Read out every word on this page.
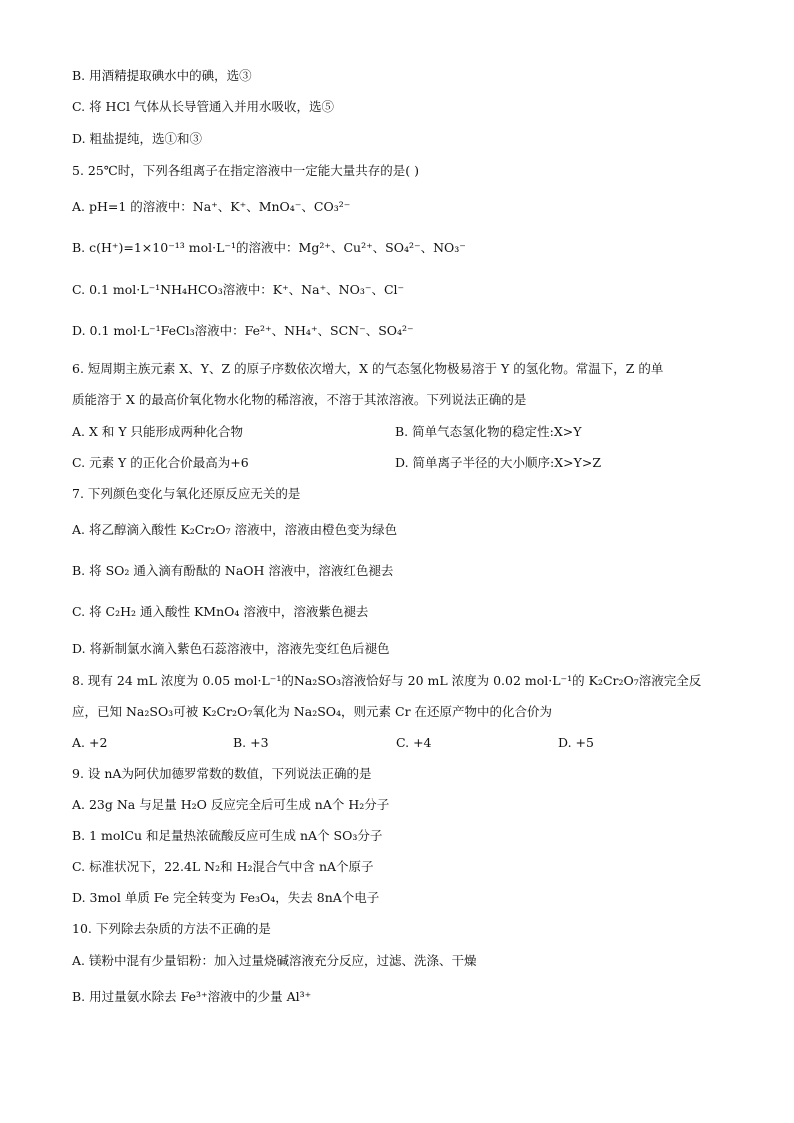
B. 用酒精提取碘水中的碘，选③
C. 将 HCl 气体从长导管通入并用水吸收，选⑤
D. 粗盐提纯，选①和③
5. 25℃时，下列各组离子在指定溶液中一定能大量共存的是( )
A. pH=1 的溶液中：Na⁺、K⁺、MnO₄⁻、CO₃²⁻
B. c(H⁺)=1×10⁻¹³ mol·L⁻¹的溶液中：Mg²⁺、Cu²⁺、SO₄²⁻、NO₃⁻
C. 0.1 mol·L⁻¹NH₄HCO₃溶液中：K⁺、Na⁺、NO₃⁻、Cl⁻
D. 0.1 mol·L⁻¹FeCl₃溶液中：Fe²⁺、NH₄⁺、SCN⁻、SO₄²⁻
6. 短周期主族元素 X、Y、Z 的原子序数依次增大，X 的气态氢化物极易溶于 Y 的氢化物。常温下，Z 的单
质能溶于 X 的最高价氧化物水化物的稀溶液，不溶于其浓溶液。下列说法正确的是
A. X 和 Y 只能形成两种化合物	B. 简单气态氢化物的稳定性:X>Y
C. 元素 Y 的正化合价最高为+6	D. 简单离子半径的大小顺序:X>Y>Z
7. 下列颜色变化与氧化还原反应无关的是
A. 将乙醇滴入酸性 K₂Cr₂O₇ 溶液中，溶液由橙色变为绿色
B. 将 SO₂ 通入滴有酚酞的 NaOH 溶液中，溶液红色褪去
C. 将 C₂H₂ 通入酸性 KMnO₄ 溶液中，溶液紫色褪去
D. 将新制氯水滴入紫色石蕊溶液中，溶液先变红色后褪色
8. 现有 24 mL 浓度为 0.05 mol·L⁻¹的Na₂SO₃溶液恰好与 20 mL 浓度为 0.02 mol·L⁻¹的 K₂Cr₂O₇溶液完全反
应，已知 Na₂SO₃可被 K₂Cr₂O₇氧化为 Na₂SO₄，则元素 Cr 在还原产物中的化合价为
A. +2	B. +3	C. +4	D. +5
9. 设 nA为阿伏加德罗常数的数值，下列说法正确的是
A. 23g Na 与足量 H₂O 反应完全后可生成 nA个 H₂分子
B. 1 molCu 和足量热浓硫酸反应可生成 nA个 SO₃分子
C. 标准状况下，22.4L N₂和 H₂混合气中含 nA个原子
D. 3mol 单质 Fe 完全转变为 Fe₃O₄，失去 8nA个电子
10. 下列除去杂质的方法不正确的是
A. 镁粉中混有少量铝粉：加入过量烧碱溶液充分反应，过滤、洗涤、干燥
B. 用过量氨水除去 Fe³⁺溶液中的少量 Al³⁺
